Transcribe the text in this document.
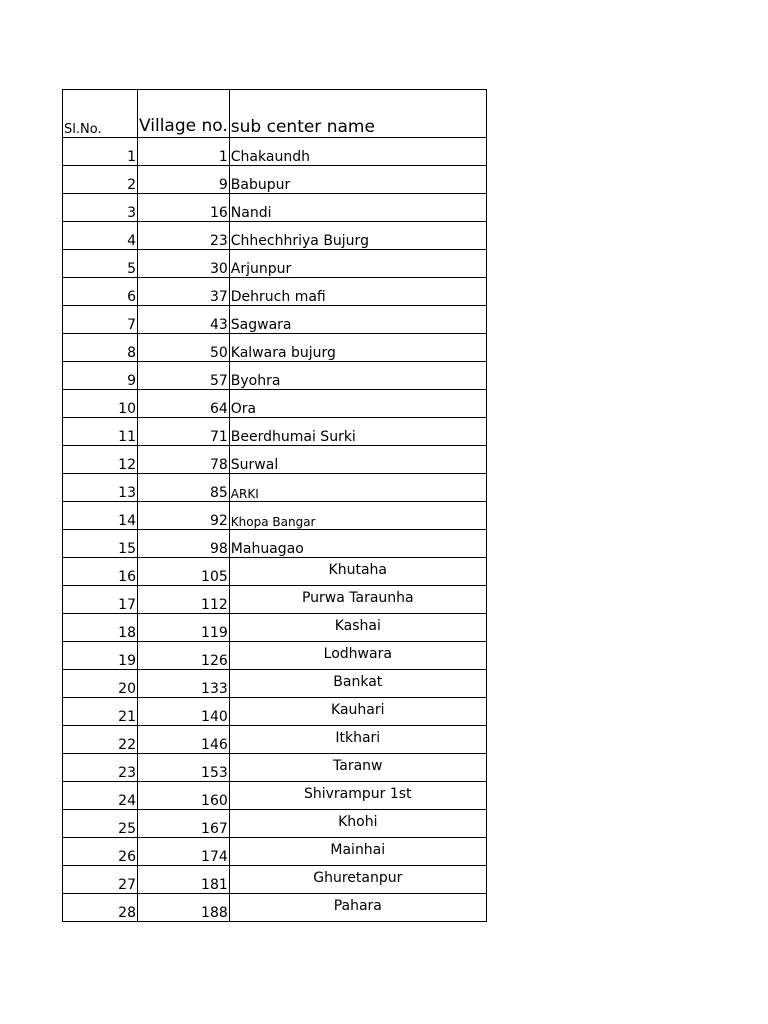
Sl.No.	Village no.	sub center name
1	1	Chakaundh
2	9	Babupur
3	16	Nandi
4	23	Chhechhriya Bujurg
5	30	Arjunpur
6	37	Dehruch mafi
7	43	Sagwara
8	50	Kalwara bujurg
9	57	Byohra
10	64	Ora
11	71	Beerdhumai Surki
12	78	Surwal
13	85	ARKI
14	92	Khopa Bangar
15	98	Mahuagao
16	105	Khutaha
17	112	Purwa Taraunha
18	119	Kashai
19	126	Lodhwara
20	133	Bankat
21	140	Kauhari
22	146	Itkhari
23	153	Taranw
24	160	Shivrampur 1st
25	167	Khohi
26	174	Mainhai
27	181	Ghuretanpur
28	188	Pahara
